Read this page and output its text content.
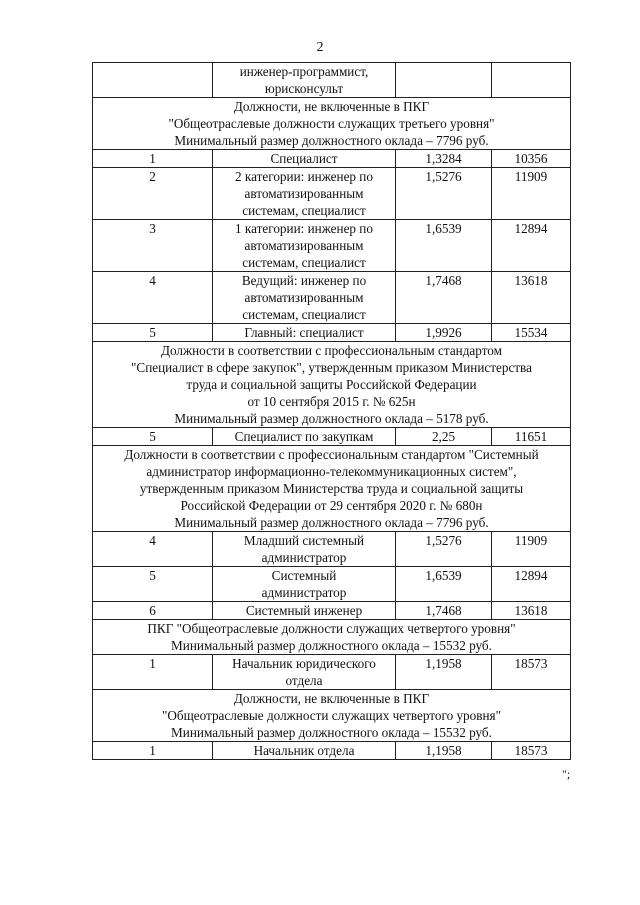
2

	инженер-программист,
юрисконсульт		

Должности, не включенные в ПКГ
"Общеотраслевые должности служащих третьего уровня"
Минимальный размер должностного оклада – 7796 руб.			

1	Специалист	1,3284	10356
2	2 категории: инженер по
автоматизированным
системам, специалист	1,5276	11909
3	1 категории: инженер по
автоматизированным
системам, специалист	1,6539	12894
4	Ведущий: инженер по
автоматизированным
системам, специалист	1,7468	13618
5	Главный: специалист	1,9926	15534

Должности в соответствии с профессиональным стандартом
"Специалист в сфере закупок", утвержденным приказом Министерства
труда и социальной защиты Российской Федерации
от 10 сентября 2015 г. № 625н
Минимальный размер должностного оклада – 5178 руб.			

5	Специалист по закупкам	2,25	11651

Должности в соответствии с профессиональным стандартом "Системный
администратор информационно-телекоммуникационных систем",
утвержденным приказом Министерства труда и социальной защиты
Российской Федерации от 29 сентября 2020 г. № 680н
Минимальный размер должностного оклада – 7796 руб.			

4	Младший системный
администратор	1,5276	11909
5	Системный
администратор	1,6539	12894
6	Системный инженер	1,7468	13618

ПКГ "Общеотраслевые должности служащих четвертого уровня"
Минимальный размер должностного оклада – 15532 руб.			

1	Начальник юридического
отдела	1,1958	18573

Должности, не включенные в ПКГ
"Общеотраслевые должности служащих четвертого уровня"
Минимальный размер должностного оклада – 15532 руб.			

1	Начальник отдела	1,1958	18573
";
